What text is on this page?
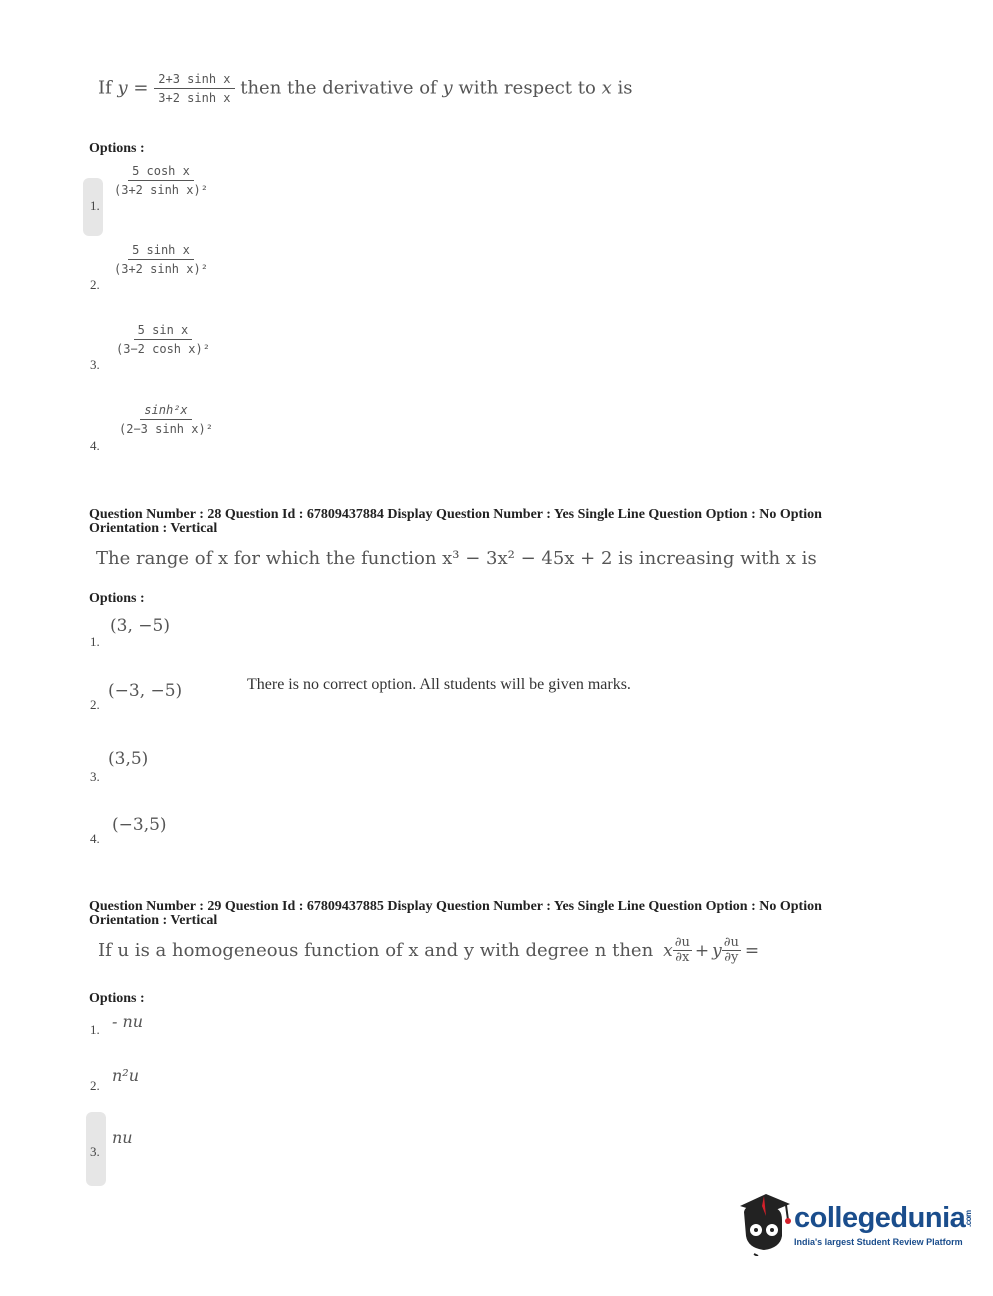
If $y = \frac{\text{2+3 sinh x}}{\text{3+2 sinh x}}$ then the derivative of y with respect to x is
Options :
1.
$\frac{\text{5 cosh x}}{\text{(3+2 sinh x)²}}$
2.
$\frac{\text{5 sinh x}}{\text{(3+2 sinh x)²}}$
3.
$\frac{\text{5 sin x}}{\text{(3−2 cosh x)²}}$
4.
$\frac{\text{sinh²x}}{\text{(2−3 sinh x)²}}$
Question Number : 28 Question Id : 67809437884 Display Question Number : Yes Single Line Question Option : No Option Orientation : Vertical
The range of x for which the function x³ − 3x² − 45x + 2 is increasing with x is
Options :
1.
(3, −5)
2.
(−3, −5)	There is no correct option. All students will be given marks.
3.
(3,5)
4.
(−3,5)
Question Number : 29 Question Id : 67809437885 Display Question Number : Yes Single Line Question Option : No Option Orientation : Vertical
If u is a homogeneous function of x and y with degree n then x ∂u
∂x + y $\frac{\partial u}{\partial y}$ =
Options :
1. - nu
2.
n²u
3.
nu
collegedunia.com
India's largest Student Review Platform
